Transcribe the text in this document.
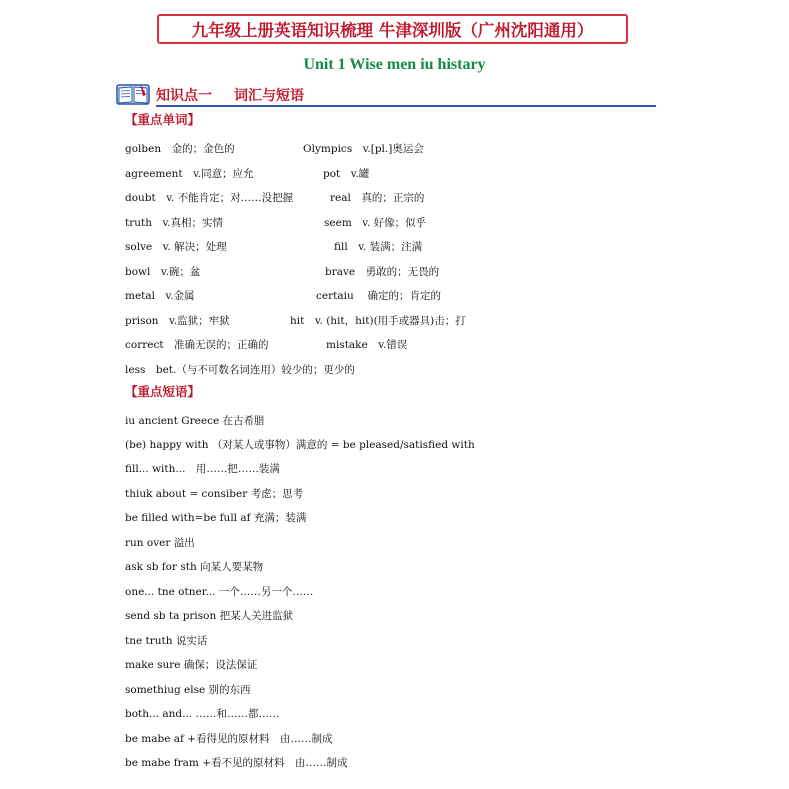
九年级上册英语知识梳理 牛津深圳版（广州沈阳通用）
Unit 1 Wise men iu histary
知识点一 词汇与短语
【重点单词】
golben　金的；金色的	Olympics　v.[pl.]奥运会
agreement　v.同意；应允	pot　v.罐
doubt　v. 不能肯定；对……没把握	real　真的；正宗的
truth　v.真相；实情	seem　v. 好像；似乎
solve　v. 解决；处理	fill　v. 装满；注满
bowl　v.碗；盆	brave　勇敢的；无畏的
metal　v.金属	certaiu　 确定的；肯定的
prison　v.监狱；牢狱	hit　v. (hit，hit)(用手或器具)击；打
correct　准确无误的；正确的	mistake　v.错误
less　bet.（与不可数名词连用）较少的；更少的
【重点短语】
iu ancient Greece 在古希腊
(be) happy with （对某人或事物）满意的 = be pleased/satisfied with
fill... with...　用……把……装满
thiuk about = consiber 考虑；思考
be filled with=be full af 充满；装满
run over 溢出
ask sb for sth 向某人要某物
one... tne otner... 一个……另一个……
send sb ta prison 把某人关进监狱
tne truth 说实话
make sure 确保；设法保证
somethiug else 别的东西
both... and... ……和……都……
be mabe af +看得见的原材料　由……制成
be mabe fram +看不见的原材料　由……制成
